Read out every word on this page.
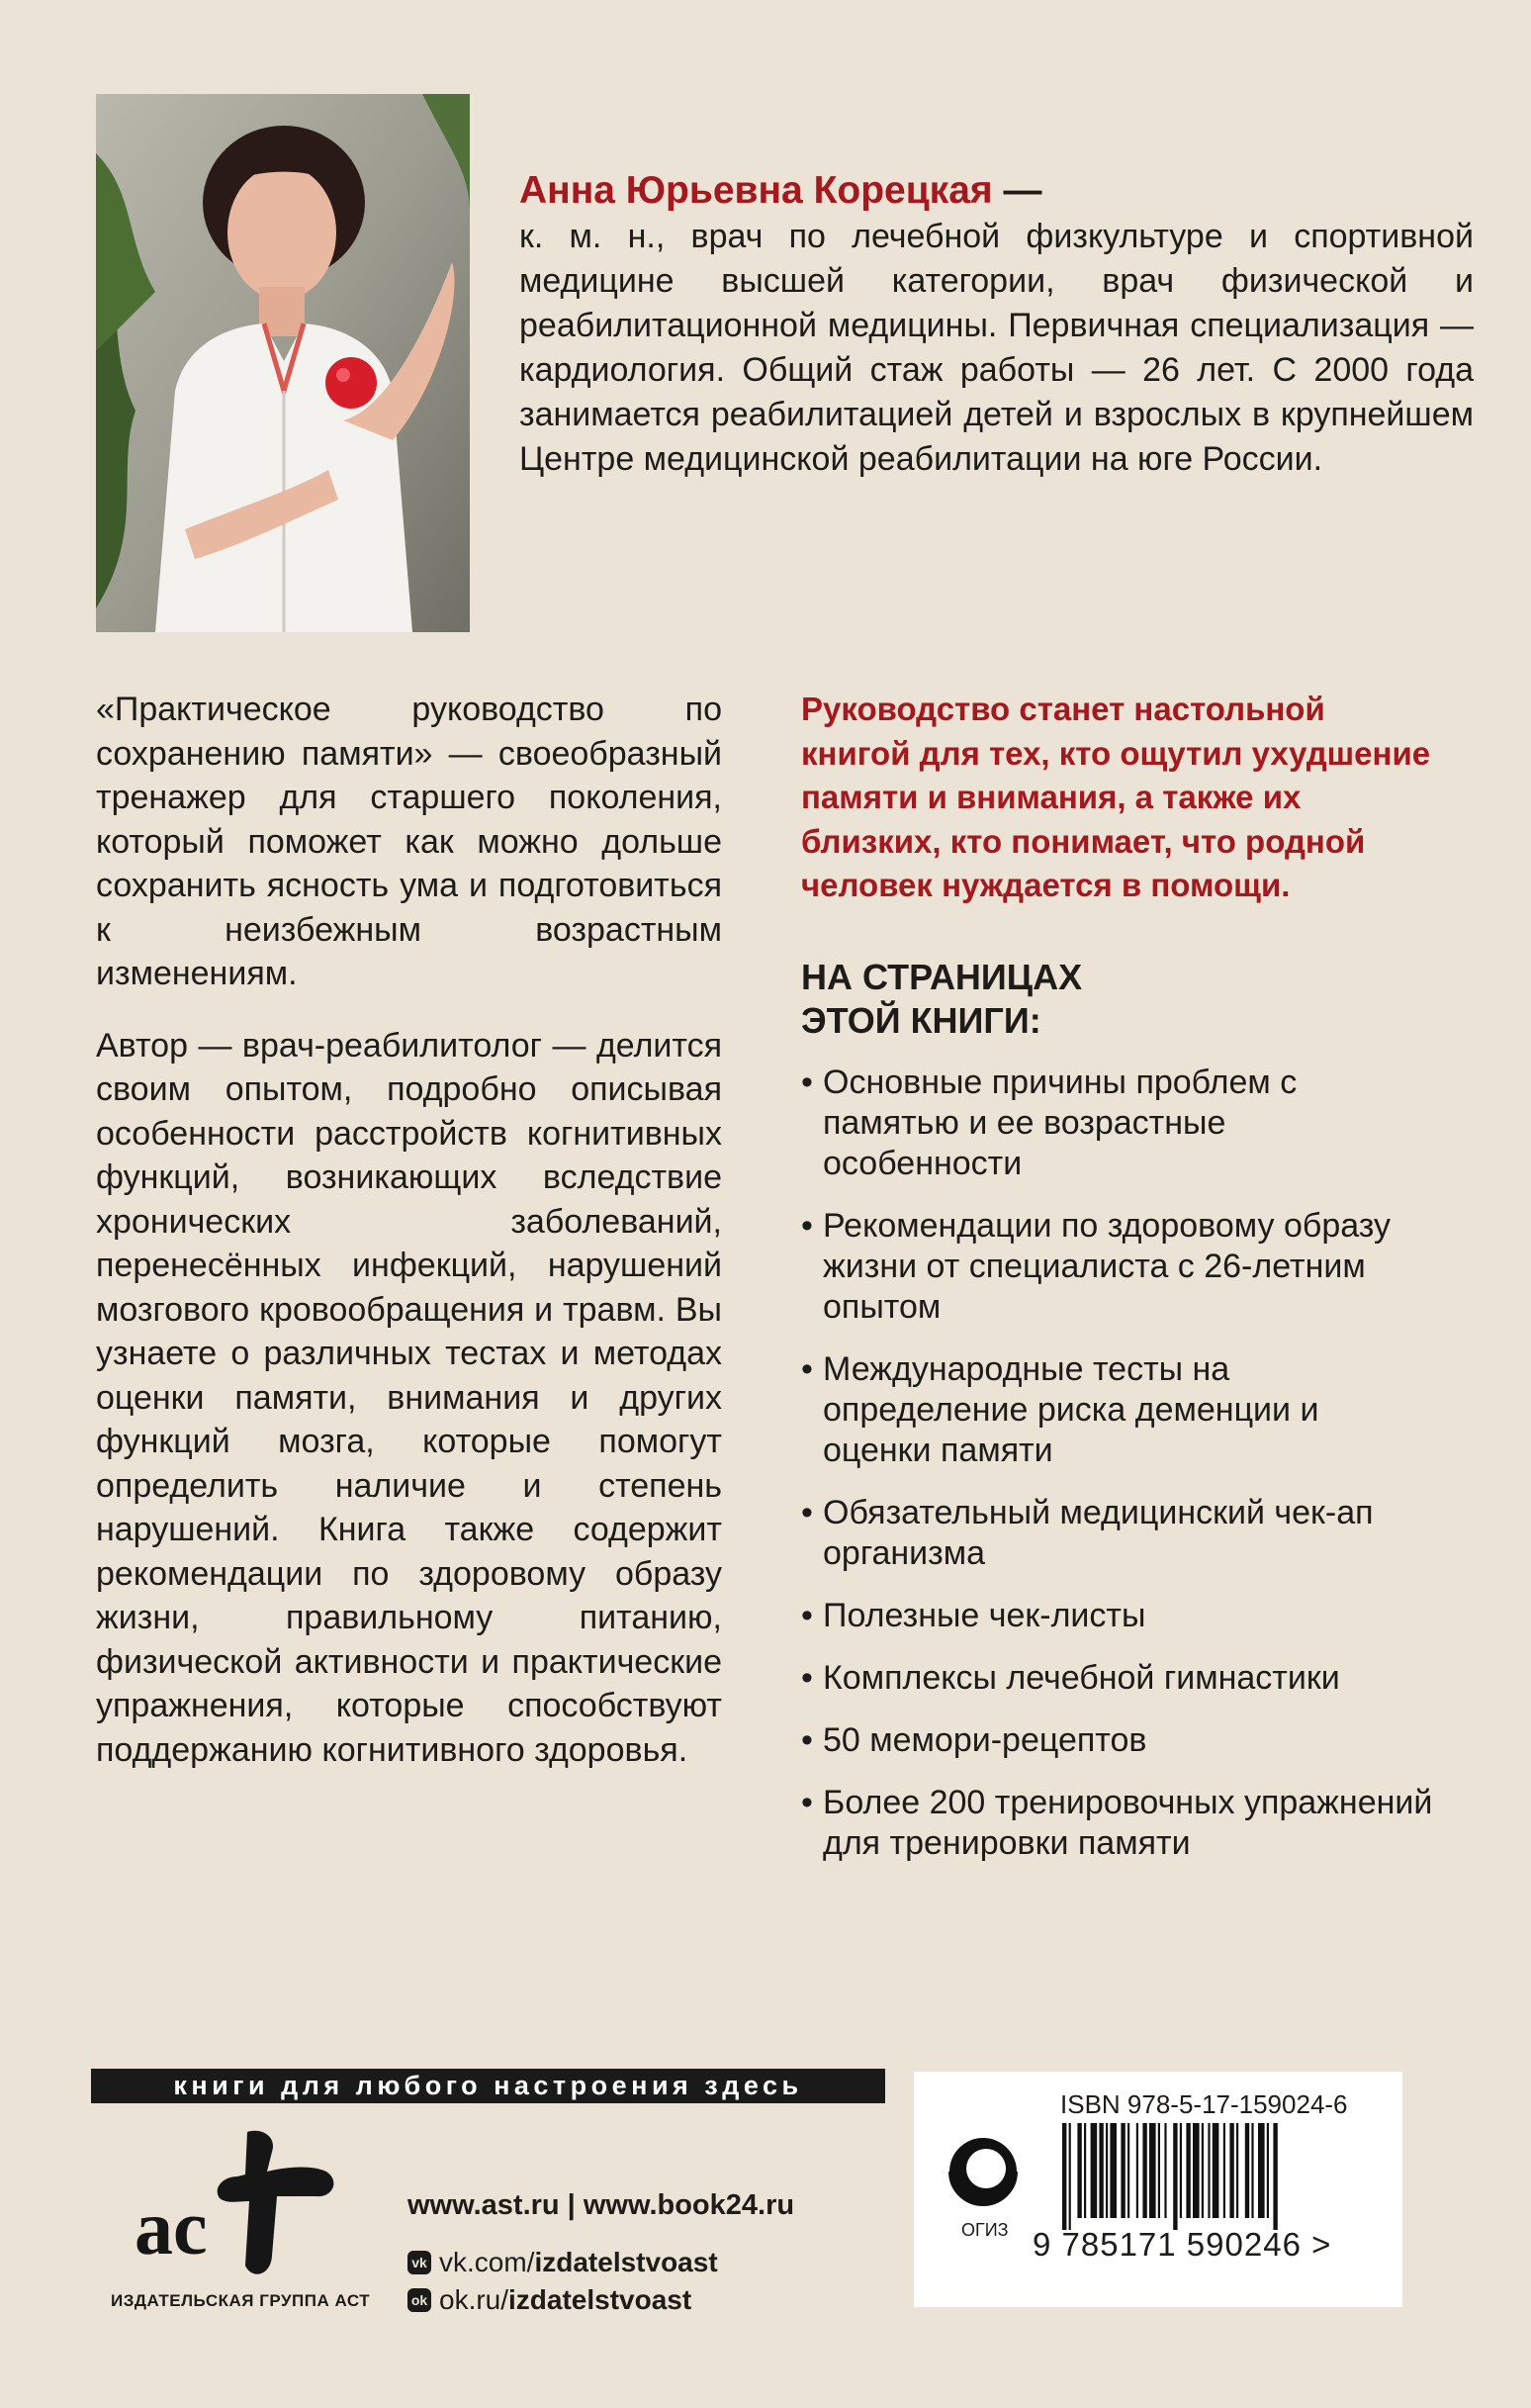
Анна Юрьевна Корецкая —
к. м. н., врач по лечебной физкультуре и спортивной медицине высшей категории, врач физической и реабилитационной медицины. Первичная специализация — кардиология. Общий стаж работы — 26 лет. С 2000 года занимается реабилитацией детей и взрослых в крупнейшем Центре медицинской реабилитации на юге России.

«Практическое руководство по сохранению памяти» — своеобразный тренажер для старшего поколения, который поможет как можно дольше сохранить ясность ума и подготовиться к неизбежным возрастным изменениям.

Автор — врач-реабилитолог — делится своим опытом, подробно описывая особенности расстройств когнитивных функций, возникающих вследствие хронических заболеваний, перенесённых инфекций, нарушений мозгового кровообращения и травм. Вы узнаете о различных тестах и методах оценки памяти, внимания и других функций мозга, которые помогут определить наличие и степень нарушений. Книга также содержит рекомендации по здоровому образу жизни, правильному питанию, физической активности и практические упражнения, которые способствуют поддержанию когнитивного здоровья.

Руководство станет настольной книгой для тех, кто ощутил ухудшение памяти и внимания, а также их близких, кто понимает, что родной человек нуждается в помощи.

НА СТРАНИЦАХ ЭТОЙ КНИГИ:
• Основные причины проблем с памятью и ее возрастные особенности
• Рекомендации по здоровому образу жизни от специалиста с 26-летним опытом
• Международные тесты на определение риска деменции и оценки памяти
• Обязательный медицинский чек-ап организма
• Полезные чек-листы
• Комплексы лечебной гимнастики
• 50 мемори-рецептов
• Более 200 тренировочных упражнений для тренировки памяти
книги для любого настроения здесь
ас
ИЗДАТЕЛЬСКАЯ ГРУППА АСТ
www.ast.ru | www.book24.ru
vk vk.com/ izdatelstvoast
ok ok.ru/ izdatelstvoast
ISBN 978-5-17-159024-6
ОГИЗ 9 785171 590246 >
